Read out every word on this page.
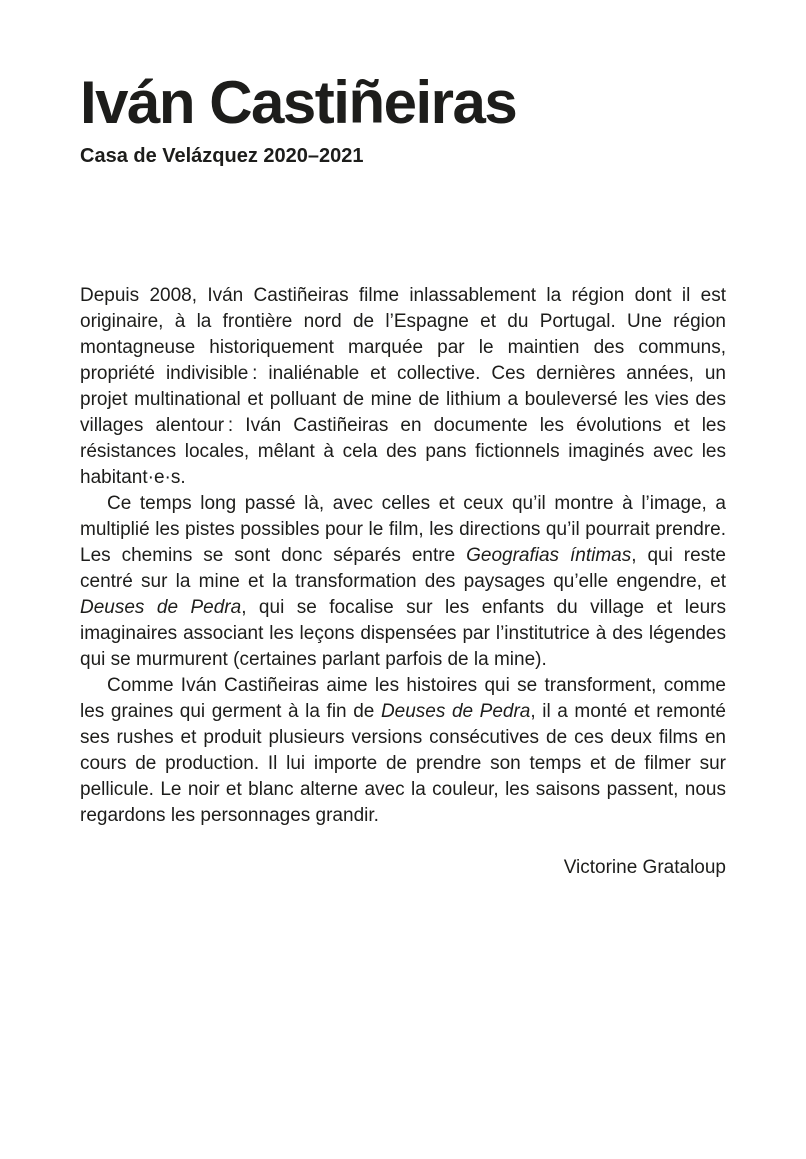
Iván Castiñeiras

Casa de Velázquez 2020–2021

Depuis 2008, Iván Castiñeiras filme inlassablement la région dont il est originaire, à la frontière nord de l’Espagne et du Portugal. Une région montagneuse historiquement marquée par le maintien des communs, propriété indivisible : inaliénable et collective. Ces dernières années, un projet multinational et polluant de mine de lithium a bouleversé les vies des villages alentour : Iván Castiñeiras en documente les évolutions et les résistances locales, mêlant à cela des pans fictionnels imaginés avec les habitant·e·s.

Ce temps long passé là, avec celles et ceux qu’il montre à l’image, a multiplié les pistes possibles pour le film, les directions qu’il pourrait prendre. Les chemins se sont donc séparés entre Geografias íntimas, qui reste centré sur la mine et la transformation des paysages qu’elle engendre, et Deuses de Pedra, qui se focalise sur les enfants du village et leurs imaginaires associant les leçons dispensées par l’institutrice à des légendes qui se murmurent (certaines parlant parfois de la mine).

Comme Iván Castiñeiras aime les histoires qui se transforment, comme les graines qui germent à la fin de Deuses de Pedra, il a monté et remonté ses rushes et produit plusieurs versions consécutives de ces deux films en cours de production. Il lui importe de prendre son temps et de filmer sur pellicule. Le noir et blanc alterne avec la couleur, les saisons passent, nous regardons les personnages grandir.

Victorine Grataloup
